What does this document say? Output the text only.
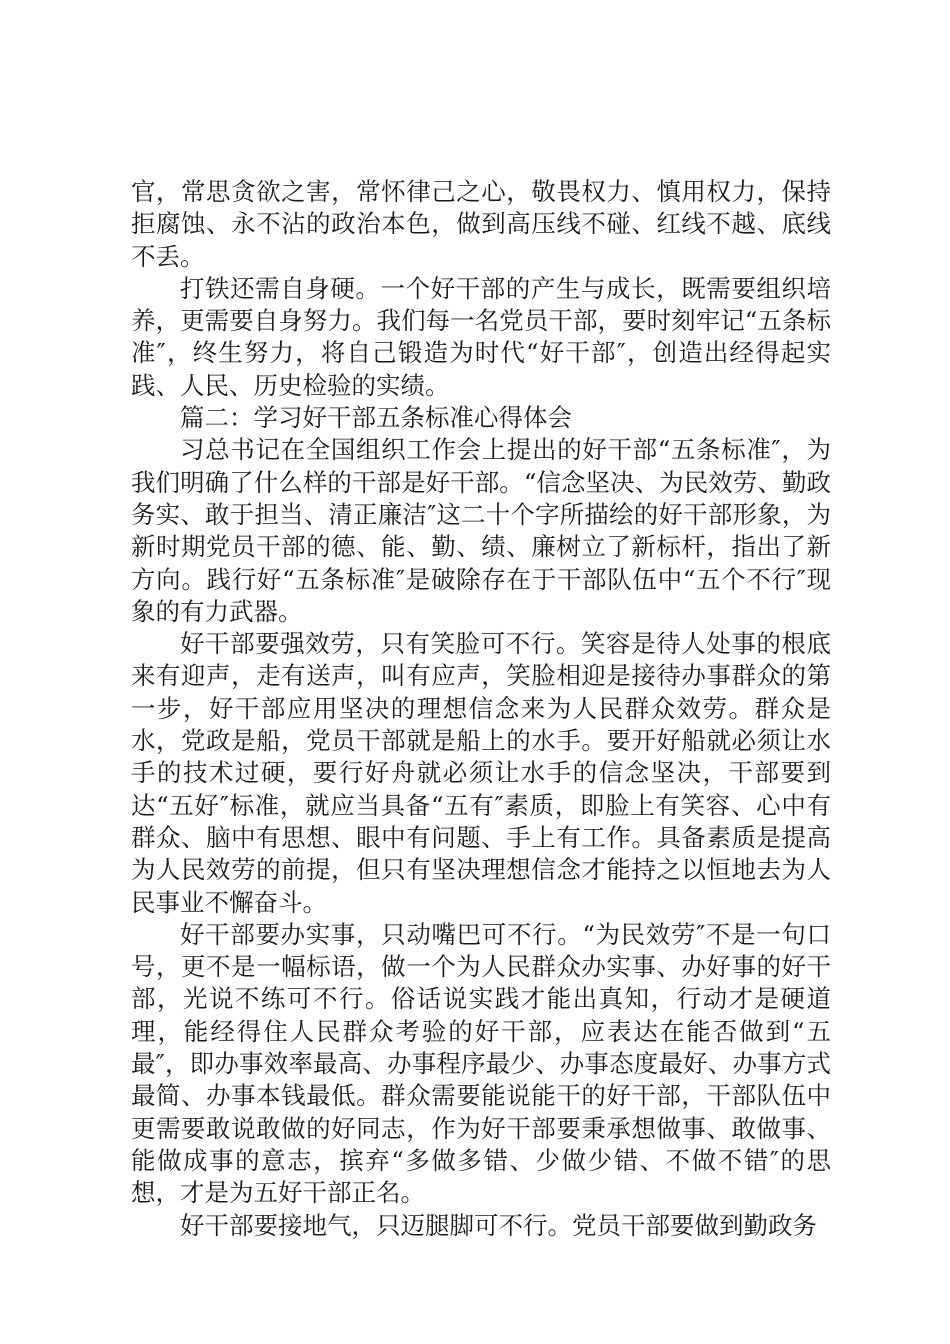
官，常思贪欲之害，常怀律己之心，敬畏权力、慎用权力，保持拒腐蚀、永不沾的政治本色，做到高压线不碰、红线不越、底线不丢。

打铁还需自身硬。一个好干部的产生与成长，既需要组织培养，更需要自身努力。我们每一名党员干部，要时刻牢记“五条标准″，终生努力，将自己锻造为时代“好干部″，创造出经得起实践、人民、历史检验的实绩。

篇二：学习好干部五条标准心得体会

习总书记在全国组织工作会上提出的好干部“五条标准″，为我们明确了什么样的干部是好干部。“信念坚决、为民效劳、勤政务实、敢于担当、清正廉洁″这二十个字所描绘的好干部形象，为新时期党员干部的德、能、勤、绩、廉树立了新标杆，指出了新方向。践行好“五条标准″是破除存在于干部队伍中“五个不行″现象的有力武器。

好干部要强效劳，只有笑脸可不行。笑容是待人处事的根底来有迎声，走有送声，叫有应声，笑脸相迎是接待办事群众的第一步，好干部应用坚决的理想信念来为人民群众效劳。群众是水，党政是船，党员干部就是船上的水手。要开好船就必须让水手的技术过硬，要行好舟就必须让水手的信念坚决，干部要到达“五好″标准，就应当具备“五有″素质，即脸上有笑容、心中有群众、脑中有思想、眼中有问题、手上有工作。具备素质是提高为人民效劳的前提，但只有坚决理想信念才能持之以恒地去为人民事业不懈奋斗。

好干部要办实事，只动嘴巴可不行。“为民效劳″不是一句口号，更不是一幅标语，做一个为人民群众办实事、办好事的好干部，光说不练可不行。俗话说实践才能出真知，行动才是硬道理，能经得住人民群众考验的好干部，应表达在能否做到“五最″，即办事效率最高、办事程序最少、办事态度最好、办事方式最简、办事本钱最低。群众需要能说能干的好干部，干部队伍中更需要敢说敢做的好同志，作为好干部要秉承想做事、敢做事、能做成事的意志，摈弃“多做多错、少做少错、不做不错″的思想，才是为五好干部正名。

好干部要接地气，只迈腿脚可不行。党员干部要做到勤政务
